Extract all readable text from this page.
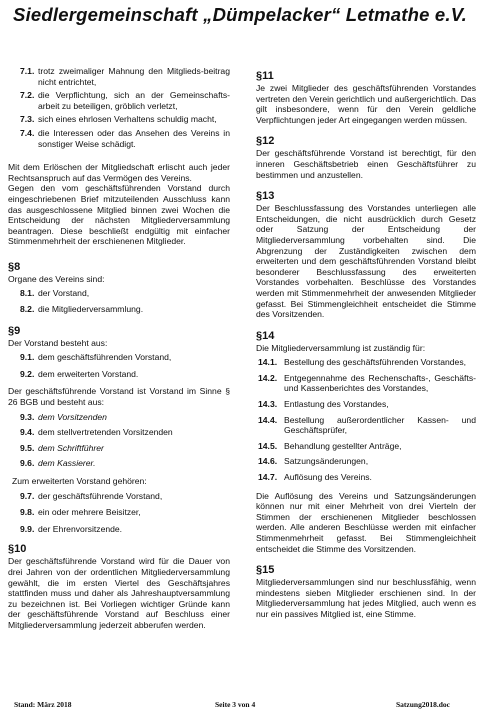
Siedlergemeinschaft „Dümpelacker“ Letmathe e.V.
7.1. trotz zweimaliger Mahnung den Mitglieds-beitrag nicht entrichtet,
7.2. die Verpflichtung, sich an der Gemeinschafts-arbeit zu beteiligen, gröblich verletzt,
7.3. sich eines ehrlosen Verhaltens schuldig macht,
7.4. die Interessen oder das Ansehen des Vereins in sonstiger Weise schädigt.

Mit dem Erlöschen der Mitgliedschaft erlischt auch jeder Rechtsanspruch auf das Vermögen des Vereins.

Gegen den vom geschäftsführenden Vorstand durch eingeschriebenen Brief mitzuteilenden Ausschluss kann das ausgeschlossene Mitglied binnen zwei Wochen die Entscheidung der nächsten Mitgliederversammlung beantragen. Diese beschließt endgültig mit einfacher Stimmenmehrheit der erschienenen Mitglieder.

§8

Organe des Vereins sind:

8.1. der Vorstand,
8.2. die Mitgliederversammlung.

§9

Der Vorstand besteht aus:

9.1. dem geschäftsführenden Vorstand,
9.2. dem erweiterten Vorstand.

Der geschäftsführende Vorstand ist Vorstand im Sinne § 26 BGB und besteht aus:

9.3. dem Vorsitzenden
9.4. dem stellvertretenden Vorsitzenden
9.5. dem Schriftführer
9.6. dem Kassierer.

Zum erweiterten Vorstand gehören:

9.7. der geschäftsführende Vorstand,
9.8. ein oder mehrere Beisitzer,
9.9. der Ehrenvorsitzende.

§10

Der geschäftsführende Vorstand wird für die Dauer von drei Jahren von der ordentlichen Mitgliederversammlung gewählt, die im ersten Viertel des Geschäftsjahres stattfinden muss und daher als Jahreshauptversammlung zu bezeichnen ist. Bei Vorliegen wichtiger Gründe kann der geschäftsführende Vorstand auf Beschluss einer Mitgliederversammlung jederzeit abberufen werden.

§11

Je zwei Mitglieder des geschäftsführenden Vorstandes vertreten den Verein gerichtlich und außergerichtlich. Das gilt insbesondere, wenn für den Verein geldliche Verpflichtungen jeder Art eingegangen werden müssen.

§12

Der geschäftsführende Vorstand ist berechtigt, für den inneren Geschäftsbetrieb einen Geschäftsführer zu bestimmen und anzustellen.

§13

Der Beschlussfassung des Vorstandes unterliegen alle Entscheidungen, die nicht ausdrücklich durch Gesetz oder Satzung der Entscheidung der Mitgliederversammlung vorbehalten sind. Die Abgrenzung der Zuständigkeiten zwischen dem erweiterten und dem geschäftsführenden Vorstand bleibt besonderer Beschlussfassung des erweiterten Vorstandes vorbehalten. Beschlüsse des Vorstandes werden mit Stimmenmehrheit der anwesenden Mitglieder gefasst. Bei Stimmengleichheit entscheidet die Stimme des Vorsitzenden.

§14

Die Mitgliederversammlung ist zuständig für:

14.1. Bestellung des geschäftsführenden Vorstandes,
14.2. Entgegennahme des Rechenschafts-, Geschäfts- und Kassenberichtes des Vorstandes,
14.3. Entlastung des Vorstandes,
14.4. Bestellung außerordentlicher Kassen- und Geschäftsprüfer,
14.5. Behandlung gestellter Anträge,
14.6. Satzungsänderungen,
14.7. Auflösung des Vereins.

Die Auflösung des Vereins und Satzungsänderungen können nur mit einer Mehrheit von drei Vierteln der Stimmen der erschienenen Mitglieder beschlossen werden. Alle anderen Beschlüsse werden mit einfacher Stimmenmehrheit gefasst. Bei Stimmengleichheit entscheidet die Stimme des Vorsitzenden.

§15

Mitgliederversammlungen sind nur beschlussfähig, wenn mindestens sieben Mitglieder erschienen sind. In der Mitgliederversammlung hat jedes Mitglied, auch wenn es nur ein passives Mitglied ist, eine Stimme.

Stand: März 2018	Seite 3 von 4	Satzung2018.doc
